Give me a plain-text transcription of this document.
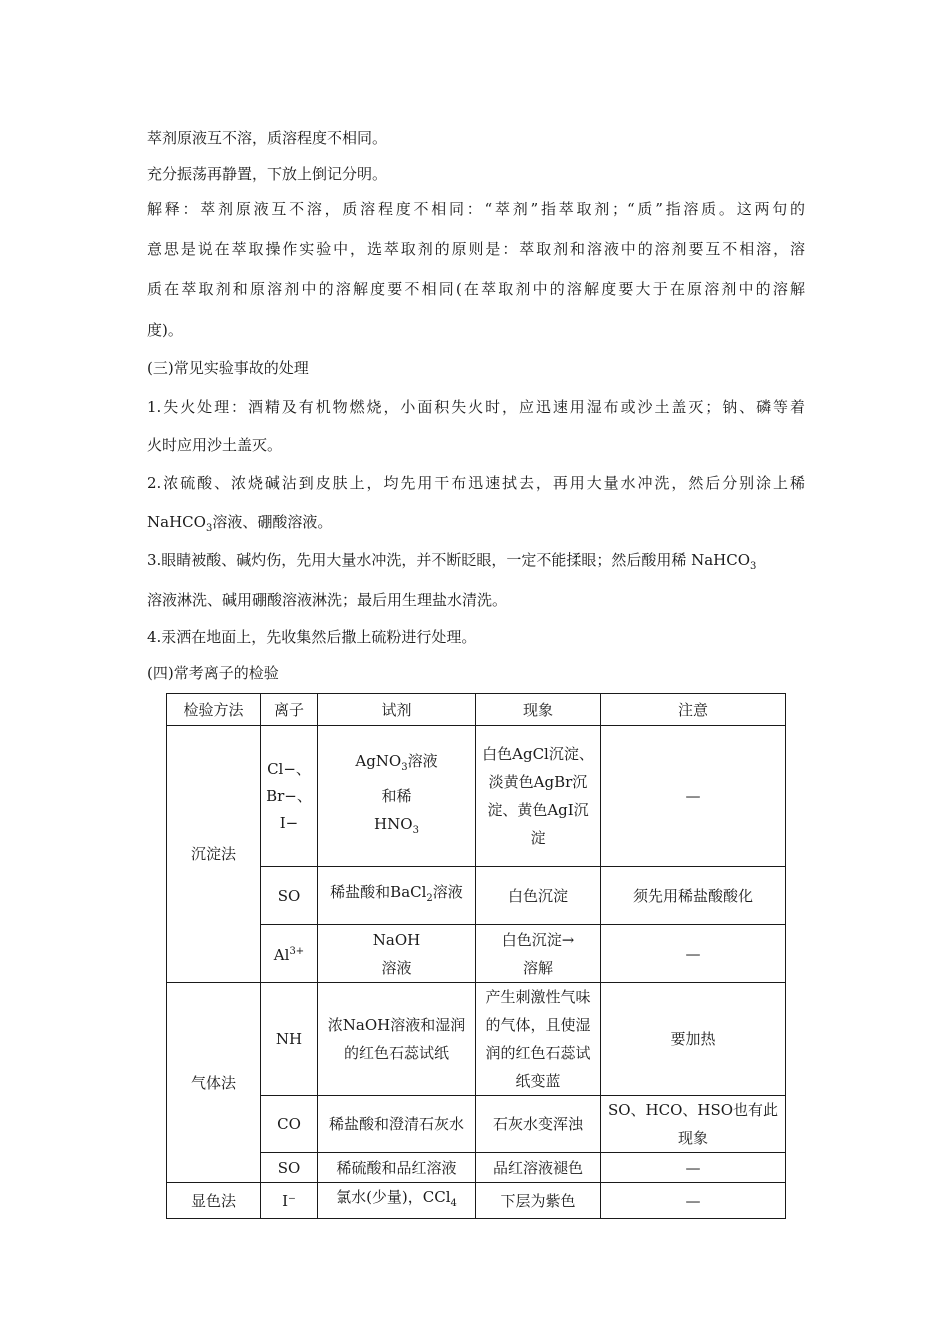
萃剂原液互不溶，质溶程度不相同。
充分振荡再静置，下放上倒记分明。
解释：萃剂原液互不溶，质溶程度不相同：“萃剂”指萃取剂；“质”指溶质。这两句的
意思是说在萃取操作实验中，选萃取剂的原则是：萃取剂和溶液中的溶剂要互不相溶，溶
质在萃取剂和原溶剂中的溶解度要不相同(在萃取剂中的溶解度要大于在原溶剂中的溶解
度)。
(三)常见实验事故的处理
1.失火处理：酒精及有机物燃烧，小面积失火时，应迅速用湿布或沙土盖灭；钠、磷等着
火时应用沙土盖灭。
2.浓硫酸、浓烧碱沾到皮肤上，均先用干布迅速拭去，再用大量水冲洗，然后分别涂上稀
NaHCO$_3$溶液、硼酸溶液。
3.眼睛被酸、碱灼伤，先用大量水冲洗，并不断眨眼，一定不能揉眼；然后酸用稀 NaHCO$_3$
溶液淋洗、碱用硼酸溶液淋洗；最后用生理盐水清洗。
4.汞洒在地面上，先收集然后撒上硫粉进行处理。
(四)常考离子的检验
检验方法	离子	试剂	现象	注意
沉淀法	Cl−、Br−、I−	AgNO$_3$溶液
和稀
$HNO_3$	白色AgCl沉淀、淡黄色AgBr沉淀、黄色AgI沉淀	—
	SO	稀盐酸和BaCl$_2$溶液	白色沉淀	须先用稀盐酸酸化
	$Al^{3+}$	NaOH
溶液	白色沉淀→
溶解	—
气体法	NH	浓NaOH溶液和湿润的红色石蕊试纸	产生刺激性气味的气体，且使湿润的红色石蕊试纸变蓝	要加热
	CO	稀盐酸和澄清石灰水	石灰水变浑浊	SO、HCO、HSO也有此现象
	SO	稀硫酸和品红溶液	品红溶液褪色	—
显色法	I⁻	氯水(少量)，CCl$_4$	下层为紫色	—
